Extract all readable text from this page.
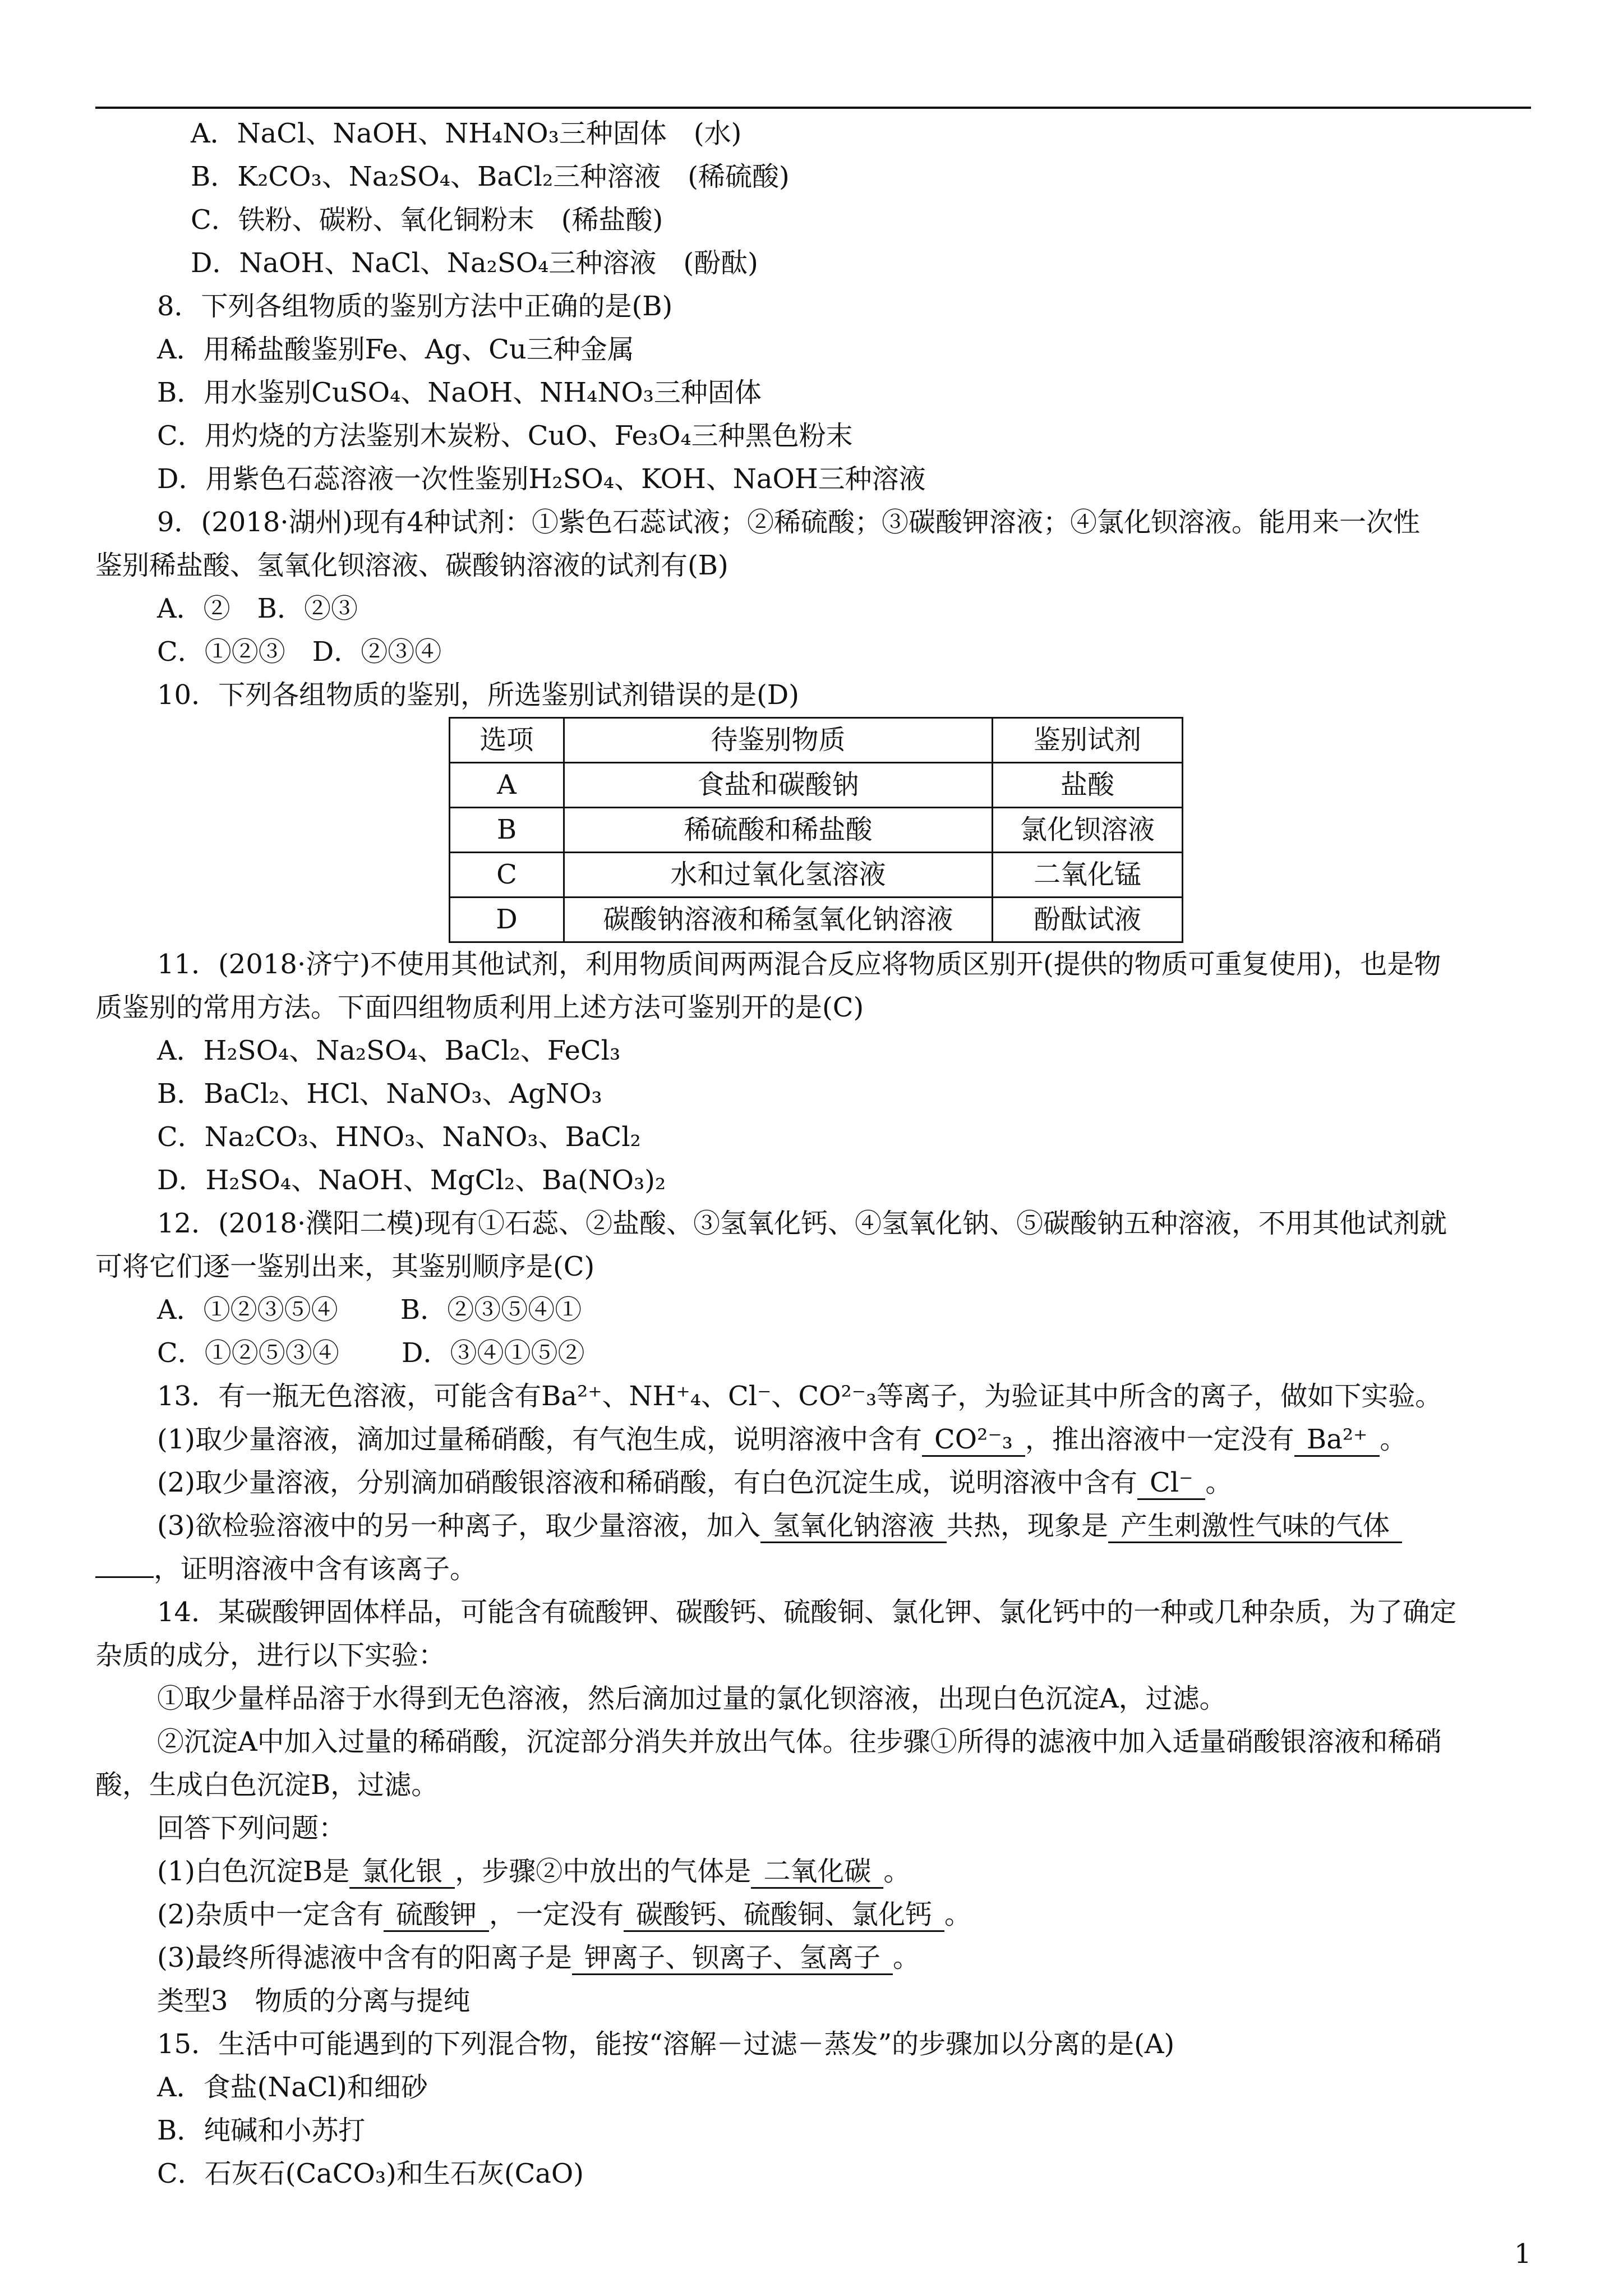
A．NaCl、NaOH、NH₄NO₃三种固体　(水)
B．K₂CO₃、Na₂SO₄、BaCl₂三种溶液　(稀硫酸)
C．铁粉、碳粉、氧化铜粉末　(稀盐酸)
D．NaOH、NaCl、Na₂SO₄三种溶液　(酚酞)
8．下列各组物质的鉴别方法中正确的是(B)
A．用稀盐酸鉴别Fe、Ag、Cu三种金属
B．用水鉴别CuSO₄、NaOH、NH₄NO₃三种固体
C．用灼烧的方法鉴别木炭粉、CuO、Fe₃O₄三种黑色粉末
D．用紫色石蕊溶液一次性鉴别H₂SO₄、KOH、NaOH三种溶液
9．(2018·湖州)现有4种试剂：①紫色石蕊试液；②稀硫酸；③碳酸钾溶液；④氯化钡溶液。能用来一次性
鉴别稀盐酸、氢氧化钡溶液、碳酸钠溶液的试剂有(B)
A．②　B．②③
C．①②③　D．②③④
10．下列各组物质的鉴别，所选鉴别试剂错误的是(D)
选项	待鉴别物质	鉴别试剂
A	食盐和碳酸钠	盐酸
B	稀硫酸和稀盐酸	氯化钡溶液
C	水和过氧化氢溶液	二氧化锰
D	碳酸钠溶液和稀氢氧化钠溶液	酚酞试液
11．(2018·济宁)不使用其他试剂，利用物质间两两混合反应将物质区别开(提供的物质可重复使用)，也是物
质鉴别的常用方法。下面四组物质利用上述方法可鉴别开的是(C)
A．H₂SO₄、Na₂SO₄、BaCl₂、FeCl₃
B．BaCl₂、HCl、NaNO₃、AgNO₃
C．Na₂CO₃、HNO₃、NaNO₃、BaCl₂
D．H₂SO₄、NaOH、MgCl₂、Ba(NO₃)₂
12．(2018·濮阳二模)现有①石蕊、②盐酸、③氢氧化钙、④氢氧化钠、⑤碳酸钠五种溶液，不用其他试剂就
可将它们逐一鉴别出来，其鉴别顺序是(C)
A．①②③⑤④　　 B．②③⑤④①
C．①②⑤③④　　 D．③④①⑤②
13．有一瓶无色溶液，可能含有Ba²⁺、NH⁺₄、Cl⁻、CO²⁻₃等离子，为验证其中所含的离子，做如下实验。
(1)取少量溶液，滴加过量稀硝酸，有气泡生成，说明溶液中含有 CO²⁻₃ ，推出溶液中一定没有 Ba²⁺ 。
(2)取少量溶液，分别滴加硝酸银溶液和稀硝酸，有白色沉淀生成，说明溶液中含有 Cl⁻ 。
(3)欲检验溶液中的另一种离子，取少量溶液，加入 氢氧化钠溶液 共热，现象是 产生刺激性气味的气体
，证明溶液中含有该离子。
14．某碳酸钾固体样品，可能含有硫酸钾、碳酸钙、硫酸铜、氯化钾、氯化钙中的一种或几种杂质，为了确定
杂质的成分，进行以下实验：
①取少量样品溶于水得到无色溶液，然后滴加过量的氯化钡溶液，出现白色沉淀A，过滤。
②沉淀A中加入过量的稀硝酸，沉淀部分消失并放出气体。往步骤①所得的滤液中加入适量硝酸银溶液和稀硝
酸，生成白色沉淀B，过滤。
回答下列问题：
(1)白色沉淀B是 氯化银 ，步骤②中放出的气体是 二氧化碳 。
(2)杂质中一定含有 硫酸钾 ，一定没有 碳酸钙、硫酸铜、氯化钙 。
(3)最终所得滤液中含有的阳离子是 钾离子、钡离子、氢离子 。
类型3　物质的分离与提纯
15．生活中可能遇到的下列混合物，能按“溶解－过滤－蒸发”的步骤加以分离的是(A)
A．食盐(NaCl)和细砂
B．纯碱和小苏打
C．石灰石(CaCO₃)和生石灰(CaO)
1
